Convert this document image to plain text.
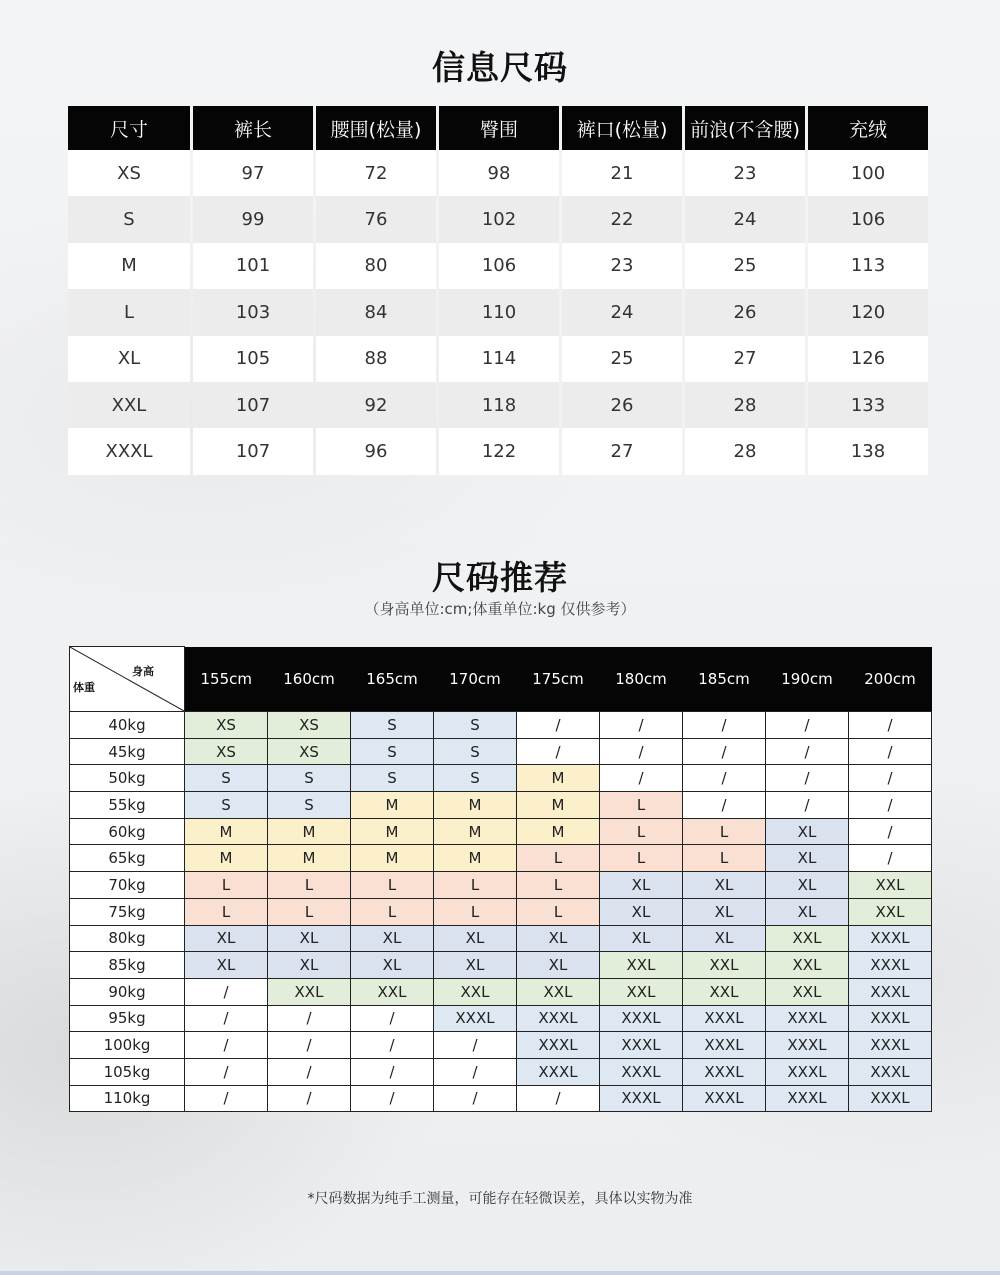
信息尺码
尺寸	裤长	腰围(松量)	臀围	裤口(松量)	前浪(不含腰)	充绒
XS	97	72	98	21	23	100
S	99	76	102	22	24	106
M	101	80	106	23	25	113
L	103	84	110	24	26	120
XL	105	88	114	25	27	126
XXL	107	92	118	26	28	133
XXXL	107	96	122	27	28	138
尺码推荐
（身高单位:cm;体重单位:kg 仅供参考）
身高
体重	155cm	160cm	165cm	170cm	175cm	180cm	185cm	190cm	200cm
40kg	XS	XS	S	S	/	/	/	/	/
45kg	XS	XS	S	S	/	/	/	/	/
50kg	S	S	S	S	M	/	/	/	/
55kg	S	S	M	M	M	L	/	/	/
60kg	M	M	M	M	M	L	L	XL	/
65kg	M	M	M	M	L	L	L	XL	/
70kg	L	L	L	L	L	XL	XL	XL	XXL
75kg	L	L	L	L	L	XL	XL	XL	XXL
80kg	XL	XL	XL	XL	XL	XL	XL	XXL	XXXL
85kg	XL	XL	XL	XL	XL	XXL	XXL	XXL	XXXL
90kg	/	XXL	XXL	XXL	XXL	XXL	XXL	XXL	XXXL
95kg	/	/	/	XXXL	XXXL	XXXL	XXXL	XXXL	XXXL
100kg	/	/	/	/	XXXL	XXXL	XXXL	XXXL	XXXL
105kg	/	/	/	/	XXXL	XXXL	XXXL	XXXL	XXXL
110kg	/	/	/	/	/	XXXL	XXXL	XXXL	XXXL
*尺码数据为纯手工测量，可能存在轻微误差，具体以实物为准
